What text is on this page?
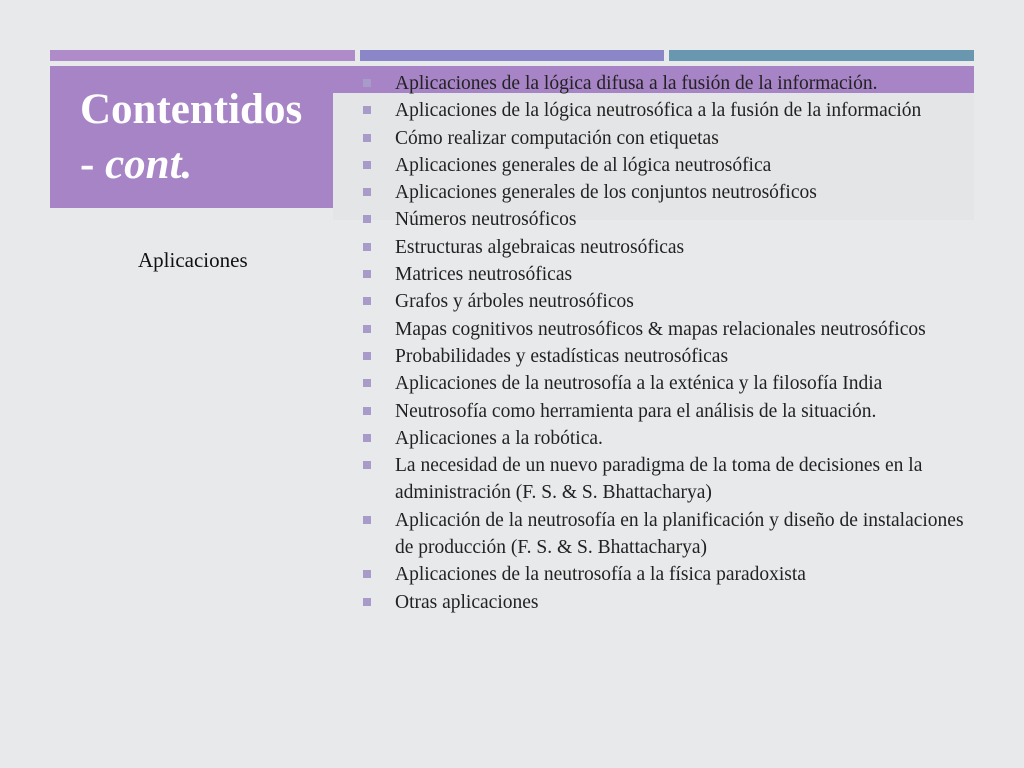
Contentidos
- cont.
Aplicaciones
Aplicaciones de la lógica difusa a la fusión de la información.
Aplicaciones de la lógica neutrosófica a la fusión de la información
Cómo realizar computación con etiquetas
Aplicaciones generales de al lógica neutrosófica
Aplicaciones generales de los conjuntos neutrosóficos
Números neutrosóficos
Estructuras algebraicas neutrosóficas
Matrices neutrosóficas
Grafos y árboles neutrosóficos
Mapas cognitivos neutrosóficos & mapas relacionales neutrosóficos
Probabilidades y estadísticas neutrosóficas
Aplicaciones de la neutrosofía a la exténica y la filosofía India
Neutrosofía como herramienta para el análisis de la situación.
Aplicaciones a la robótica.
La necesidad de un nuevo paradigma de la toma de decisiones en la administración (F. S. & S. Bhattacharya)
Aplicación de la neutrosofía en la planificación y diseño de instalaciones de producción (F. S. & S. Bhattacharya)
Aplicaciones de la neutrosofía a la física paradoxista
Otras aplicaciones
